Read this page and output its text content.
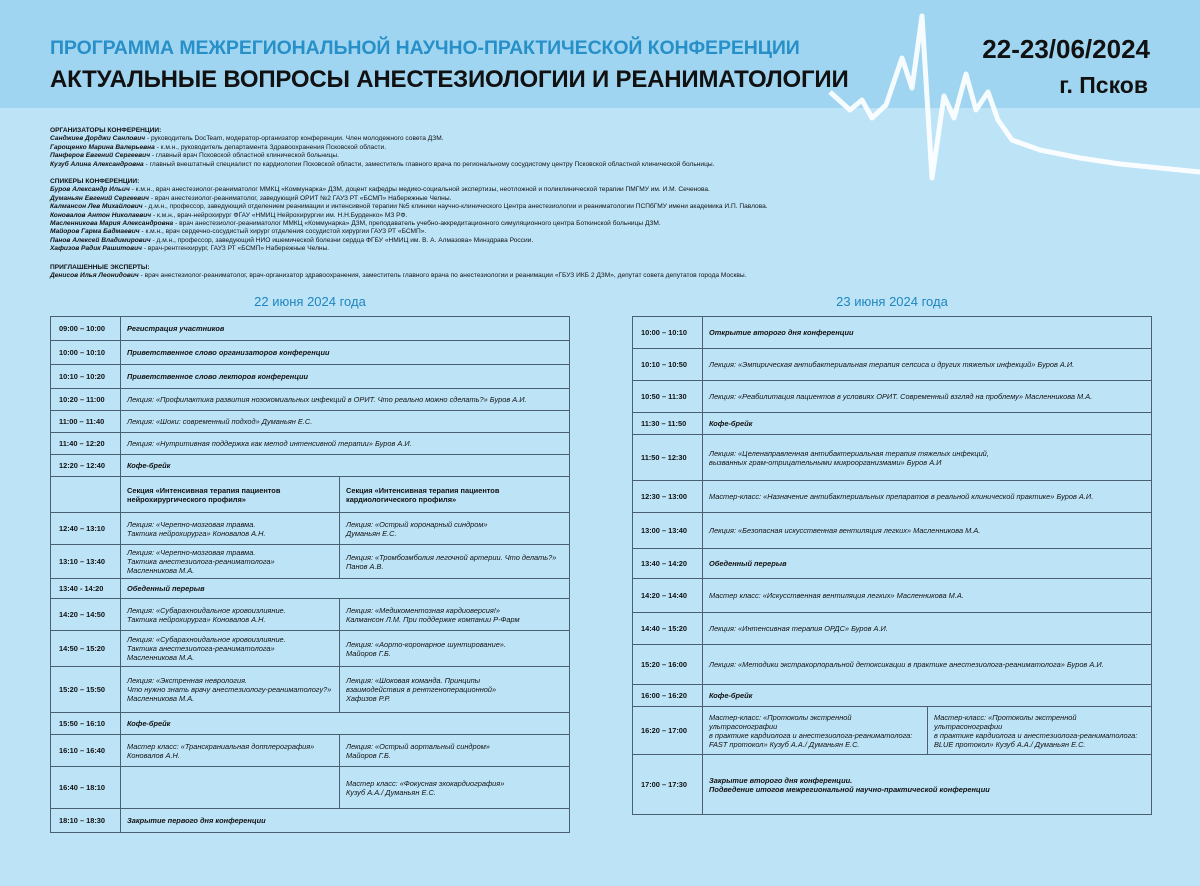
ПРОГРАММА МЕЖРЕГИОНАЛЬНОЙ НАУЧНО-ПРАКТИЧЕСКОЙ КОНФЕРЕНЦИИ
АКТУАЛЬНЫЕ ВОПРОСЫ АНЕСТЕЗИОЛОГИИ И РЕАНИМАТОЛОГИИ
22-23/06/2024
г. Псков
ОРГАНИЗАТОРЫ КОНФЕРЕНЦИИ:
Санджиев Дорджи Санлович - руководитель DocTeam, модератор-организатор конференции. Член молодежного совета ДЗМ.
Гарощенко Марина Валерьевна - к.м.н., руководитель департамента Здравоохранения Псковской области.
Панферов Евгений Сергеевич - главный врач Псковской областной клинической больницы.
Кузуб Алина Александровна - главный внештатный специалист по кардиологии Псковской области, заместитель главного врача по региональному сосудистому центру Псковской областной клинической больницы.
СПИКЕРЫ КОНФЕРЕНЦИИ:
Буров Александр Ильич - к.м.н., врач анестезиолог-реаниматолог ММКЦ «Коммунарка» ДЗМ, доцент кафедры медико-социальной экспертизы, неотложной и поликлинической терапии ПМГМУ им. И.М. Сеченова.
Думаньян Евгений Сергеевич - врач анестезиолог-реаниматолог, заведующий ОРИТ №2 ГАУЗ РТ «БСМП» Набережные Челны.
Калмансон Лев Михайлович - д.м.н., профессор, заведующий отделением реанимации и интенсивной терапии №5 клиники научно-клинического Центра анестезиологии и реаниматологии ПСПбГМУ имени академика И.П. Павлова.
Коновалов Антон Николаевич - к.м.н., врач-нейрохирург ФГАУ «НМИЦ Нейрохирургии им. Н.Н.Бурденко» МЗ РФ.
Масленникова Мария Александровна - врач анестезиолог-реаниматолог ММКЦ «Коммунарка» ДЗМ, преподаватель учебно-аккредитационного симуляционного центра Боткинской больницы ДЗМ.
Майоров Гарма Бадмаевич - к.м.н., врач сердечно-сосудистый хирург отделения сосудистой хирургии ГАУЗ РТ «БСМП».
Панов Алексей Владимирович - д.м.н., профессор, заведующий НИО ишемической болезни сердца ФГБУ «НМИЦ им. В. А. Алмазова» Минздрава России.
Хафизов Радик Рашитович - врач-рентгенхирург, ГАУЗ РТ «БСМП» Набережные Челны.
ПРИГЛАШЕННЫЕ ЭКСПЕРТЫ:
Денисов Илья Леонидович - врач анестезиолог-реаниматолог, врач-организатор здравоохранения, заместитель главного врача по анестезиологии и реанимации «ГБУЗ ИКБ 2 ДЗМ», депутат совета депутатов города Москвы.
22 июня 2024 года	23 июня 2024 года
09:00 – 10:00	Регистрация участников	
10:00 – 10:10	Приветственное слово организаторов конференции	
10:10 – 10:20	Приветственное слово лекторов конференции	
10:20 – 11:00	Лекция: «Профилактика развития нозокомиальных инфекций в ОРИТ. Что реально можно сделать?» Буров А.И.	
11:00 – 11:40	Лекция: «Шоки: современный подход» Думаньян Е.С.	
11:40 – 12:20	Лекция: «Нутритивная поддержка как метод интенсивной терапии» Буров А.И.	
12:20 – 12:40	Кофе-брейк	
	Секция «Интенсивная терапия пациентов
нейрохирургического профиля»	Секция «Интенсивная терапия пациентов
кардиологического профиля»
12:40 – 13:10	Лекция: «Черепно-мозговая травма.
Тактика нейрохирурга» Коновалов А.Н.	Лекция: «Острый коронарный синдром»
Думаньян Е.С.
13:10 – 13:40	Лекция: «Черепно-мозговая травма.
Тактика анестезиолога-реаниматолога»
Масленникова М.А.	Лекция: «Тромбоэмболия легочной артерии. Что делать?»
Панов А.В.
13:40 - 14:20	Обеденный перерыв	
14:20 – 14:50	Лекция: «Субарахноидальное кровоизлияние.
Тактика нейрохирурга» Коновалов А.Н.	Лекция: «Медикоментозная кардиоверсия!»
Калмансон Л.М. При поддержке компании Р-Фарм
14:50 – 15:20	Лекция: «Субарахноидальное кровоизлияние.
Тактика анестезиолога-реаниматолога»
Масленникова М.А.	Лекция: «Аорто-коронарное шунтирование».
Майоров Г.Б.
15:20 – 15:50	Лекция: «Экстренная неврология.
Что нужно знать врачу анестезиологу-реаниматологу?»
Масленникова М.А.	Лекция: «Шоковая команда. Принципы
взаимодействия в рентгеноперационной»
Хафизов Р.Р.
15:50 – 16:10	Кофе-брейк	
16:10 – 16:40	Мастер класс: «Транскраниальная допплерография»
Коновалов А.Н.	Лекция: «Острый аортальный синдром»
Майоров Г.Б.
16:40 – 18:10		Мастер класс: «Фокусная эхокардиография»
Кузуб А.А./ Думаньян Е.С.
18:10 – 18:30	Закрытие первого дня конференции	
10:00 – 10:10	Открытие второго дня конференции	
10:10 – 10:50	Лекция: «Эмпирическая антибактериальная терапия сепсиса и других тяжелых инфекций» Буров А.И.	
10:50 – 11:30	Лекция: «Реабилитация пациентов в условиях ОРИТ. Современный взгляд на проблему» Масленникова М.А.	
11:30 – 11:50	Кофе-брейк	
11:50 – 12:30	Лекция: «Целенаправленная антибактериальная терапия тяжелых инфекций,
вызванных грам-отрицательными микроорганизмами» Буров А.И	
12:30 – 13:00	Мастер-класс: «Назначение антибактериальных препаратов в реальной клинической практике» Буров А.И.	
13:00 – 13:40	Лекция: «Безопасная искусственная вентиляция легких» Масленникова М.А.	
13:40 – 14:20	Обеденный перерыв	
14:20 – 14:40	Мастер класс: «Искусственная вентиляция легких» Масленникова М.А.	
14:40 – 15:20	Лекция: «Интенсивная терапия ОРДС» Буров А.И.	
15:20 – 16:00	Лекция: «Методики экстракорпоральной детоксикации в практике анестезиолога-реаниматолога» Буров А.И.	
16:00 – 16:20	Кофе-брейк	
16:20 – 17:00	Мастер-класс: «Протоколы экстренной ультрасонографии
в практике кардиолога и анестезиолога-реаниматолога:
FAST протокол» Кузуб А.А./ Думаньян Е.С.	Мастер-класс: «Протоколы экстренной ультрасонографии
в практике кардиолога и анестезиолога-реаниматолога:
BLUE протокол» Кузуб А.А./ Думаньян Е.С.
17:00 – 17:30	Закрытие второго дня конференции.
Подведение итогов межрегиональной научно-практической конференции	
